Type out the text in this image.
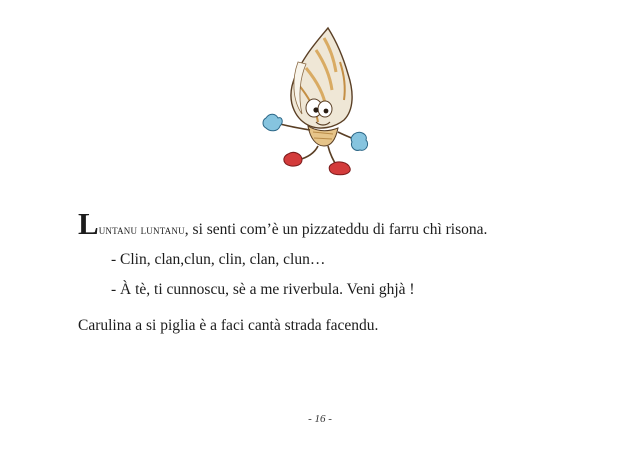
Luntanu luntanu, si senti com’è un pizzateddu di farru chì risona.
- Clin, clan,clun, clin, clan, clun…
- À tè, ti cunnoscu, sè a me riverbula. Veni ghjà !
Carulina a si piglia è a faci cantà strada facendu.
- 16 -
